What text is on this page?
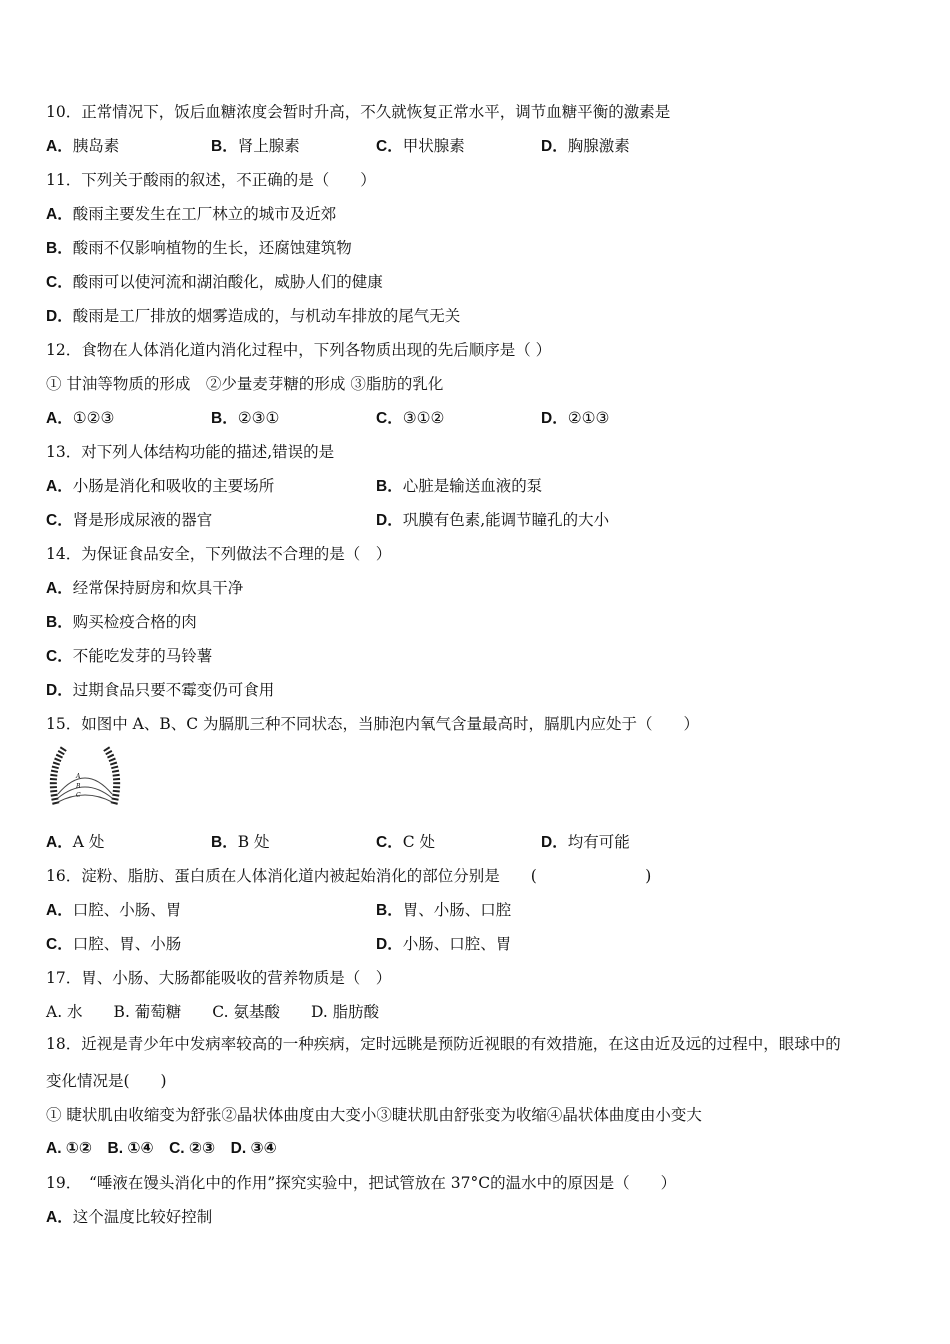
10．正常情况下，饭后血糖浓度会暂时升高，不久就恢复正常水平，调节血糖平衡的激素是
A．胰岛素	B．肾上腺素	C．甲状腺素	D．胸腺激素
11．下列关于酸雨的叙述，不正确的是（　　）
A．酸雨主要发生在工厂林立的城市及近郊
B．酸雨不仅影响植物的生长，还腐蚀建筑物
C．酸雨可以使河流和湖泊酸化，威胁人们的健康
D．酸雨是工厂排放的烟雾造成的，与机动车排放的尾气无关
12．食物在人体消化道内消化过程中，下列各物质出现的先后顺序是（ ）
① 甘油等物质的形成　②少量麦芽糖的形成 ③脂肪的乳化
A．①②③	B．②③①	C．③①②	D．②①③
13．对下列人体结构功能的描述,错误的是
A．小肠是消化和吸收的主要场所	B．心脏是输送血液的泵
C．肾是形成尿液的器官	D．巩膜有色素,能调节瞳孔的大小
14．为保证食品安全，下列做法不合理的是（　）
A．经常保持厨房和炊具干净
B．购买检疫合格的肉
C．不能吃发芽的马铃薯
D．过期食品只要不霉变仍可食用
15．如图中 A、B、C 为膈肌三种不同状态，当肺泡内氧气含量最高时，膈肌内应处于（　　）
A
B
C
A．A 处	B．B 处	C．C 处	D．均有可能
16．淀粉、脂肪、蛋白质在人体消化道内被起始消化的部位分别是　　(　　　　　　　)
A．口腔、小肠、胃	B．胃、小肠、口腔
C．口腔、胃、小肠	D．小肠、口腔、胃
17．胃、小肠、大肠都能吸收的营养物质是（　）
A. 水　　B. 葡萄糖　　C. 氨基酸　　D. 脂肪酸
18．近视是青少年中发病率较高的一种疾病，定时远眺是预防近视眼的有效措施，在这由近及远的过程中，眼球中的
变化情况是(　　)
① 睫状肌由收缩变为舒张②晶状体曲度由大变小③睫状肌由舒张变为收缩④晶状体曲度由小变大
A. ①②　B. ①④　C. ②③　D. ③④
19．　“唾液在馒头消化中的作用”探究实验中，把试管放在 37°C的温水中的原因是（　　）
A．这个温度比较好控制
